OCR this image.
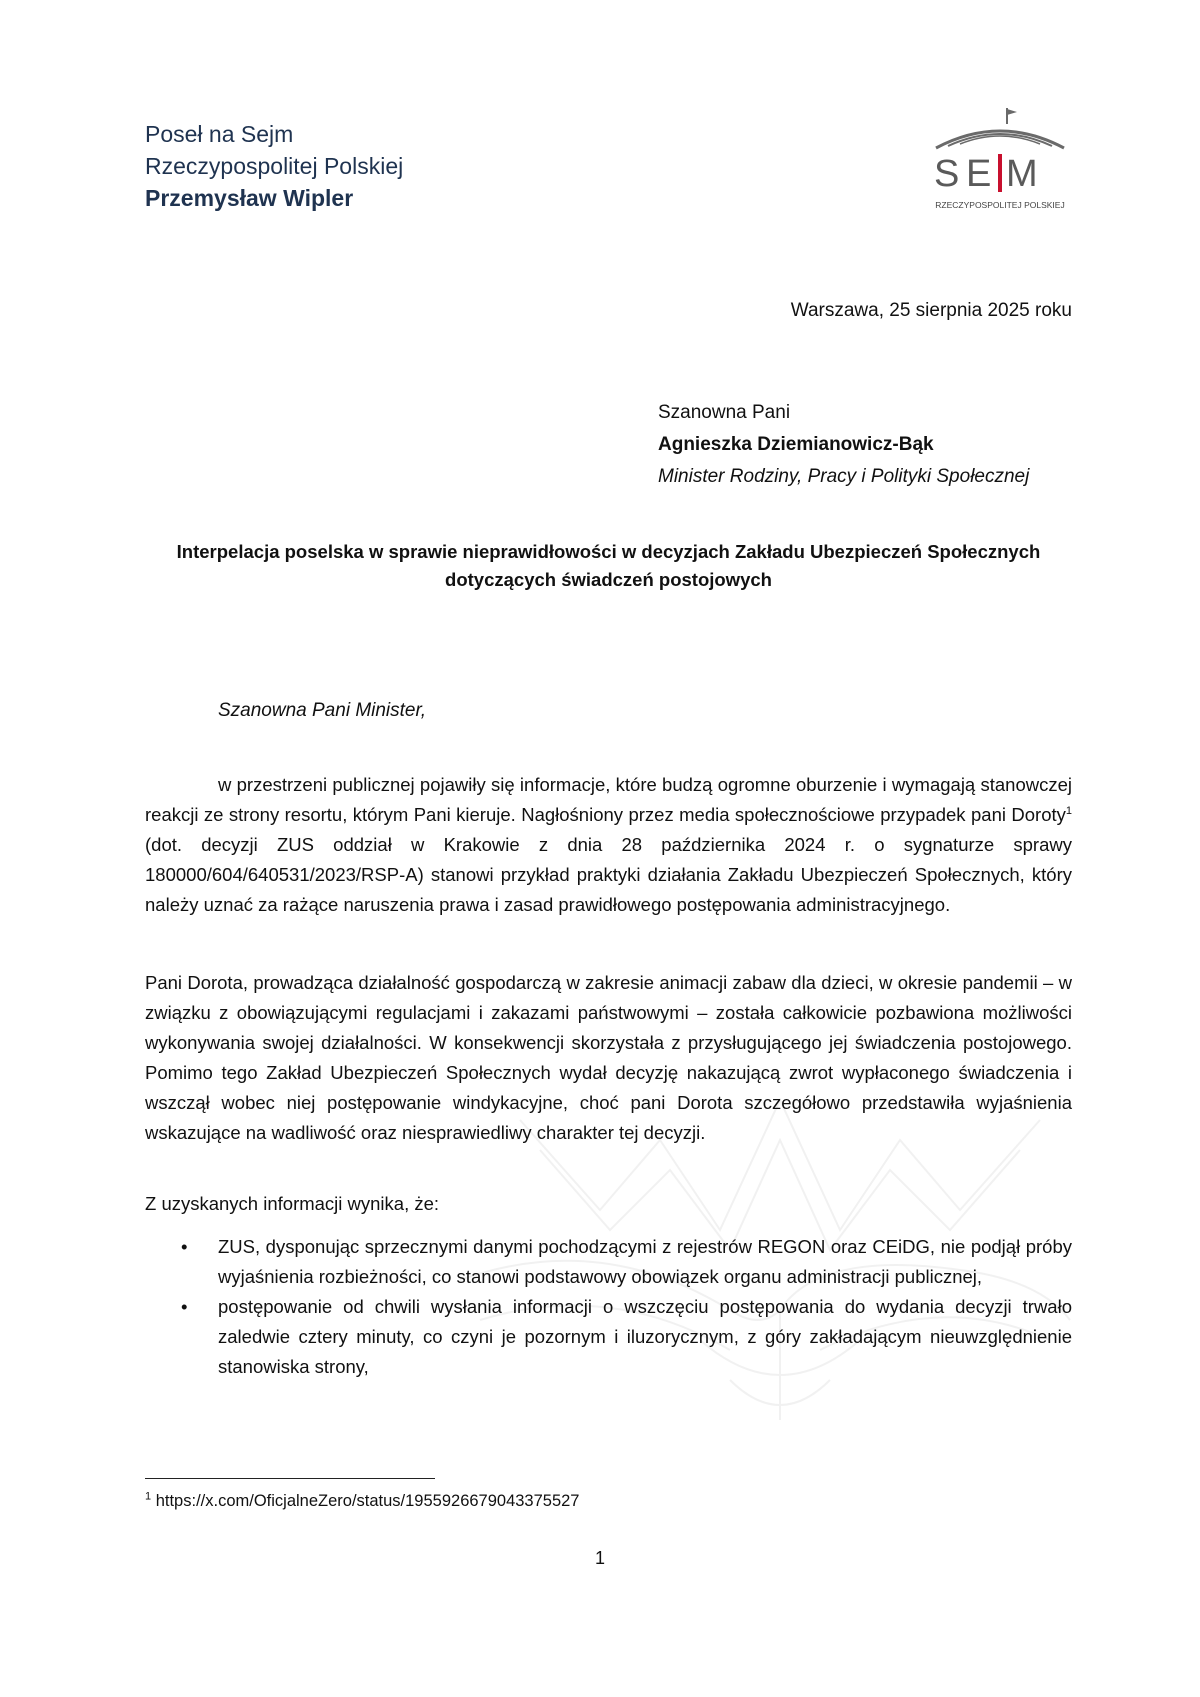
Poseł na Sejm
Rzeczypospolitej Polskiej
Przemysław Wipler
S E M
RZECZYPOSPOLITEJ POLSKIEJ
Warszawa, 25 sierpnia 2025 roku
Szanowna Pani
Agnieszka Dziemianowicz-Bąk
Minister Rodziny, Pracy i Polityki Społecznej
Interpelacja poselska w sprawie nieprawidłowości w decyzjach Zakładu Ubezpieczeń Społecznych
dotyczących świadczeń postojowych
Szanowna Pani Minister,
w przestrzeni publicznej pojawiły się informacje, które budzą ogromne oburzenie i wymagają stanowczej reakcji ze strony resortu, którym Pani kieruje. Nagłośniony przez media społecznościowe przypadek pani Doroty$^1$ (dot. decyzji ZUS oddział w Krakowie z dnia 28 października 2024 r. o sygnaturze sprawy 180000/604/640531/2023/RSP-A) stanowi przykład praktyki działania Zakładu Ubezpieczeń Społecznych, który należy uznać za rażące naruszenia prawa i zasad prawidłowego postępowania administracyjnego.
Pani Dorota, prowadząca działalność gospodarczą w zakresie animacji zabaw dla dzieci, w okresie pandemii – w związku z obowiązującymi regulacjami i zakazami państwowymi – została całkowicie pozbawiona możliwości wykonywania swojej działalności. W konsekwencji skorzystała z przysługującego jej świadczenia postojowego. Pomimo tego Zakład Ubezpieczeń Społecznych wydał decyzję nakazującą zwrot wypłaconego świadczenia i wszczął wobec niej postępowanie windykacyjne, choć pani Dorota szczegółowo przedstawiła wyjaśnienia wskazujące na wadliwość oraz niesprawiedliwy charakter tej decyzji.
Z uzyskanych informacji wynika, że:
• ZUS, dysponując sprzecznymi danymi pochodzącymi z rejestrów REGON oraz CEiDG, nie podjął próby wyjaśnienia rozbieżności, co stanowi podstawowy obowiązek organu administracji publicznej,
• postępowanie od chwili wysłania informacji o wszczęciu postępowania do wydania decyzji trwało zaledwie cztery minuty, co czyni je pozornym i iluzorycznym, z góry zakładającym nieuwzględnienie stanowiska strony,
$^1$ https://x.com/OficjalneZero/status/1955926679043375527
1
